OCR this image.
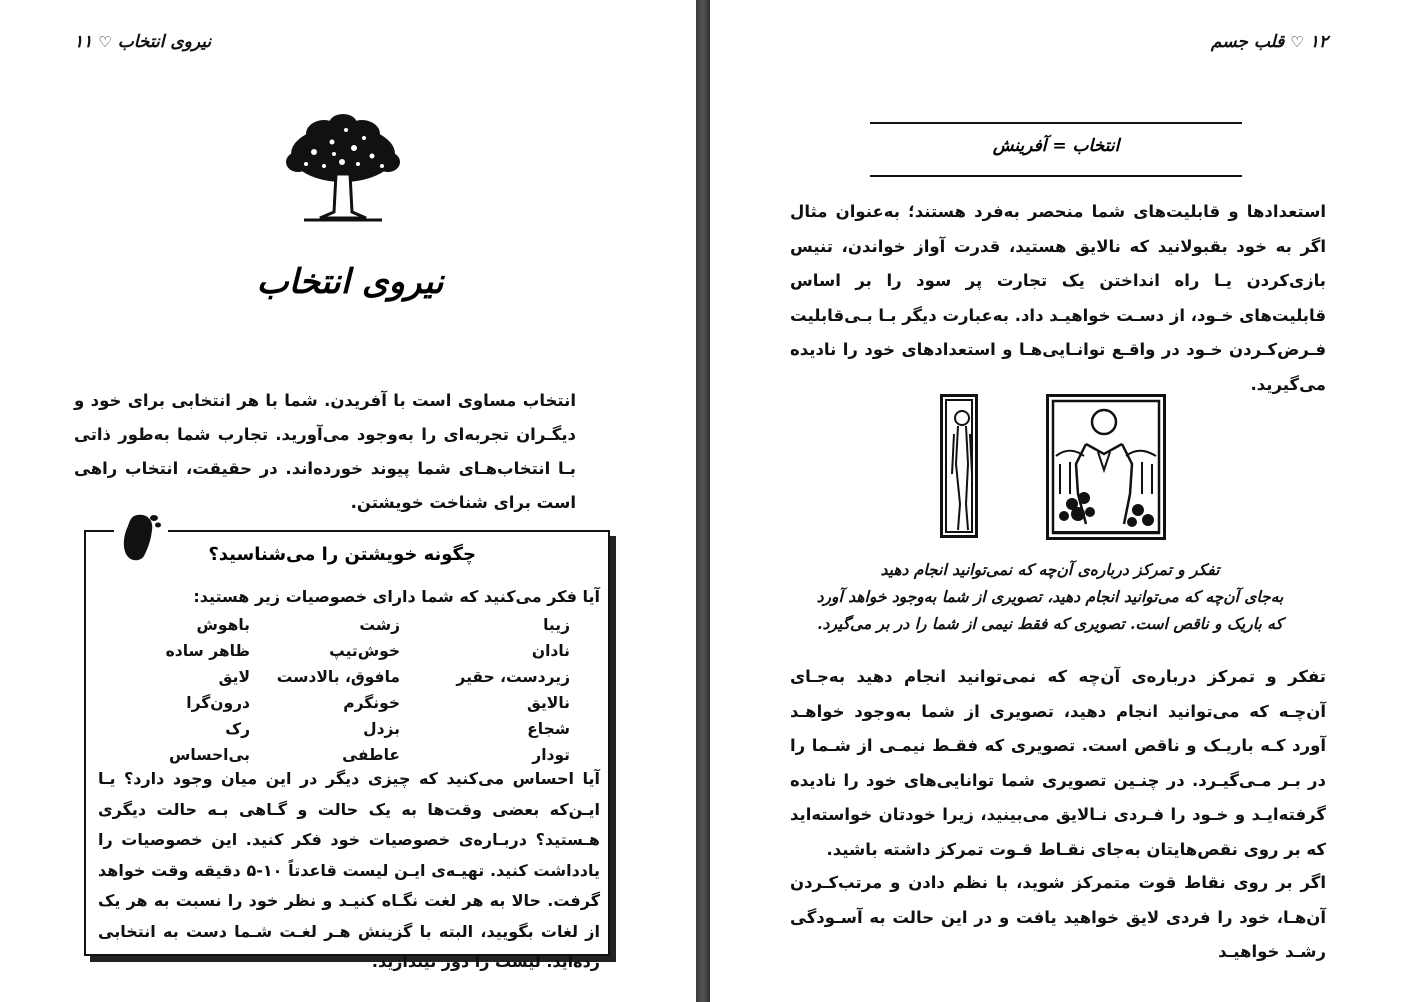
نیروی انتخاب♡۱۱
نیروی انتخاب

انتخاب مساوی است با آفریدن. شما با هر انتخابی برای خود و دیگـران تجربه‌ای را به‌وجود می‌آورید. تجارب شما به‌طور ذاتی بـا انتخاب‌هـای شما پیوند خورده‌اند. در حقیقت، انتخاب راهی است برای شناخت خویشتن.

چگونه خویشتن را می‌شناسید؟

آیا فکر می‌کنید که شما دارای خصوصیات زیر هستید:

زیبا
زشت
باهوش
نادان
خوش‌تیپ
ظاهر ساده
زیردست، حقیر
مافوق، بالادست
لایق
نالایق
خونگرم
درون‌گرا
شجاع
بزدل
رک
تودار
عاطفی
بی‌احساس

آیا احساس می‌کنید که چیزی دیگر در این میان وجود دارد؟ یـا ایـن‌که بعضی وقت‌ها به یک حالت و گـاهی بـه حالت دیگری هـستید؟ دربـاره‌ی خصوصیات خود فکر کنید. این خصوصیات را یادداشت کنید. تهیـه‌ی ایـن لیست قاعدتاً ۱۰-۵ دقیقه وقت خواهد گرفت. حالا به هر لغت نگـاه کنیـد و نظر خود را نسبت به هر یک از لغات بگویید، البته با گزینش هـر لغـت شـما دست به انتخابی زده‌اید. لیست را دور نیندازید.

۱۲♡قلب جسم
انتخاب = آفرینش

استعدادها و قابلیت‌های شما منحصر به‌فرد هستند؛ به‌عنوان مثال اگر به خود بقبولانید که نالایق هستید، قدرت آواز خواندن، تنیس بازی‌کردن یـا راه انداختن یک تجارت پر سود را بر اساس قابلیت‌های خـود، از دسـت خواهیـد داد. به‌عبارت دیگر بـا بـی‌قابلیت فـرض‌کـردن خـود در واقـع توانـایی‌هـا و استعدادهای خود را نادیده می‌گیرید.

تفکر و تمرکز درباره‌ی آن‌چه که نمی‌توانید انجام دهید
به‌جای آن‌چه که می‌توانید انجام دهید، تصویری از شما به‌وجود خواهد آورد
که باریک و ناقص است. تصویری که فقط نیمی از شما را در بر می‌گیرد.

تفکر و تمرکز درباره‌ی آن‌چه که نمی‌توانید انجام دهید به‌جـای آن‌چـه که می‌توانید انجام دهید، تصویری از شما به‌وجود خواهـد آورد کـه باریـک و ناقص است. تصویری که فقـط نیمـی از شـما را در بـر مـی‌گیـرد. در چنـین تصویری شما توانایی‌های خود را نادیده گرفته‌ایـد و خـود را فـردی نـالایق می‌بینید، زیرا خودتان خواسته‌اید که بر روی نقص‌هایتان به‌جای نقـاط قـوت تمرکز داشته باشید.

اگر بر روی نقاط قوت متمرکز شوید، با نظم دادن و مرتب‌کـردن آن‌هـا، خود را فردی لایق خواهید یافت و در این حالت به آسـودگی رشـد خواهیـد
